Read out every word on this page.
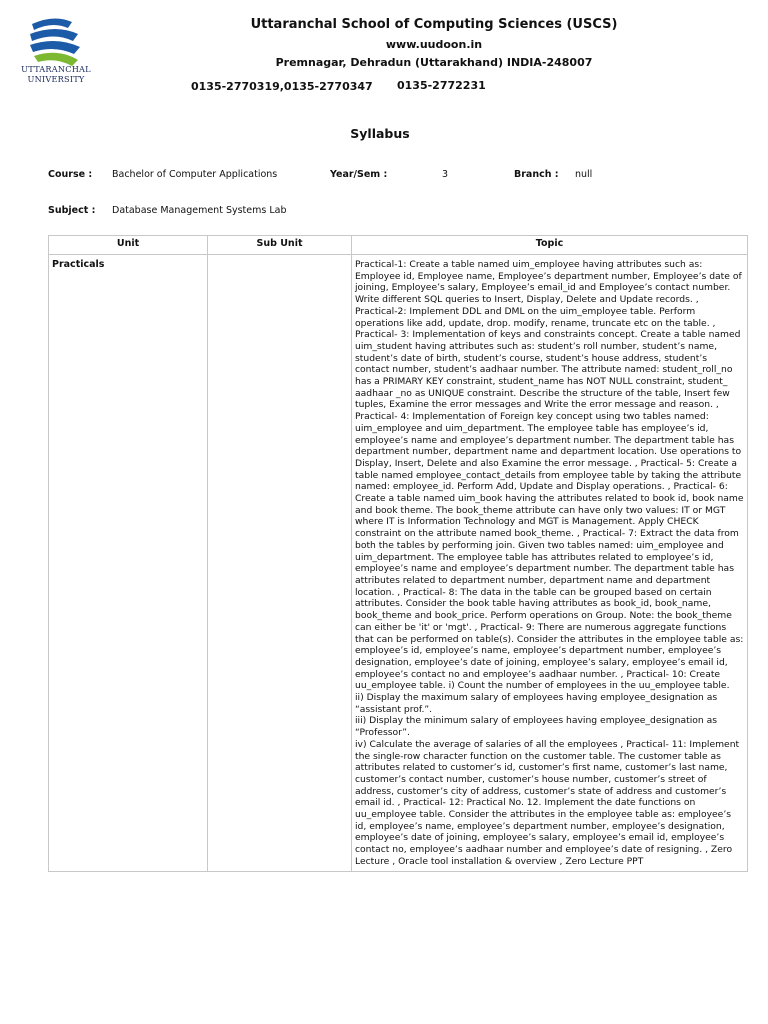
UTTARANCHAL
UNIVERSITY
Uttaranchal School of Computing Sciences (USCS)
www.uudoon.in
Premnagar, Dehradun (Uttarakhand) INDIA-248007
0135-2770319,0135-2770347 0135-2772231
Syllabus
Course : Bachelor of Computer Applications	Year/Sem :	3	Branch : null
Subject : Database Management Systems Lab
Unit	Sub Unit	Topic
Practicals		Practical-1: Create a table named uim_employee having attributes such as: Employee id, Employee name, Employee’s department number, Employee’s date of joining, Employee’s salary, Employee’s email_id and Employee’s contact number. Write different SQL queries to Insert, Display, Delete and Update records. , Practical-2: Implement DDL and DML on the uim_employee table. Perform operations like add, update, drop. modify, rename, truncate etc on the table. , Practical- 3: Implementation of keys and constraints concept. Create a table named uim_student having attributes such as: student’s roll number, student’s name, student’s date of birth, student’s course, student’s house address, student’s contact number, student’s aadhaar number. The attribute named: student_roll_no has a PRIMARY KEY constraint, student_name has NOT NULL constraint, student_ aadhaar _no as UNIQUE constraint. Describe the structure of the table, Insert few tuples, Examine the error messages and Write the error message and reason. , Practical- 4: Implementation of Foreign key concept using two tables named: uim_employee and uim_department. The employee table has employee’s id, employee’s name and employee’s department number. The department table has department number, department name and department location. Use operations to Display, Insert, Delete and also Examine the error message. , Practical- 5: Create a table named employee_contact_details from employee table by taking the attribute named: employee_id. Perform Add, Update and Display operations. , Practical- 6: Create a table named uim_book having the attributes related to book id, book name and book theme. The book_theme attribute can have only two values: IT or MGT where IT is Information Technology and MGT is Management. Apply CHECK constraint on the attribute named book_theme. , Practical- 7: Extract the data from both the tables by performing join. Given two tables named: uim_employee and uim_department. The employee table has attributes related to employee’s id, employee’s name and employee’s department number. The department table has attributes related to department number, department name and department location. , Practical- 8: The data in the table can be grouped based on certain attributes. Consider the book table having attributes as book_id, book_name, book_theme and book_price. Perform operations on Group. Note: the book_theme can either be 'it' or 'mgt'. , Practical- 9: There are numerous aggregate functions that can be performed on table(s). Consider the attributes in the employee table as: employee’s id, employee’s name, employee’s department number, employee’s designation, employee’s date of joining, employee’s salary, employee’s email id, employee’s contact no and employee’s aadhaar number. , Practical- 10: Create uu_employee table. i) Count the number of employees in the uu_employee table.
ii) Display the maximum salary of employees having employee_designation as “assistant prof.”.
iii) Display the minimum salary of employees having employee_designation as “Professor”.
iv) Calculate the average of salaries of all the employees , Practical- 11: Implement the single-row character function on the customer table. The customer table as attributes related to customer’s id, customer’s first name, customer’s last name, customer’s contact number, customer’s house number, customer’s street of address, customer’s city of address, customer’s state of address and customer’s email id. , Practical- 12: Practical No. 12. Implement the date functions on uu_employee table. Consider the attributes in the employee table as: employee’s id, employee’s name, employee’s department number, employee’s designation, employee’s date of joining, employee’s salary, employee’s email id, employee’s contact no, employee’s aadhaar number and employee’s date of resigning. , Zero Lecture , Oracle tool installation & overview , Zero Lecture PPT
